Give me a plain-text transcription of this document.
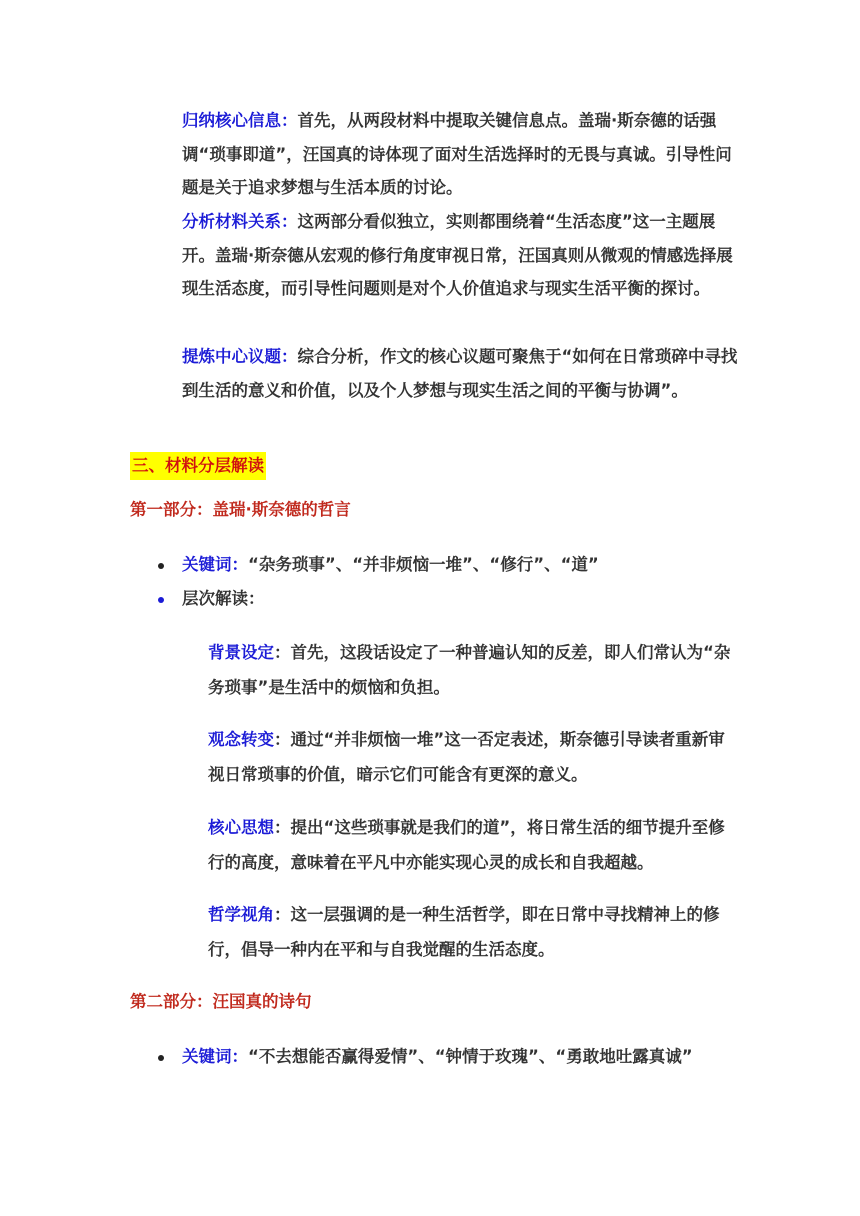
归纳核心信息：首先，从两段材料中提取关键信息点。盖瑞·斯奈德的话强调“琐事即道”，汪国真的诗体现了面对生活选择时的无畏与真诚。引导性问题是关于追求梦想与生活本质的讨论。
分析材料关系：这两部分看似独立，实则都围绕着“生活态度”这一主题展开。盖瑞·斯奈德从宏观的修行角度审视日常，汪国真则从微观的情感选择展现生活态度，而引导性问题则是对个人价值追求与现实生活平衡的探讨。
提炼中心议题：综合分析，作文的核心议题可聚焦于“如何在日常琐碎中寻找到生活的意义和价值，以及个人梦想与现实生活之间的平衡与协调”。
三、材料分层解读
第一部分：盖瑞·斯奈德的哲言
关键词：“杂务琐事”、“并非烦恼一堆”、“修行”、“道”
层次解读：
背景设定：首先，这段话设定了一种普遍认知的反差，即人们常认为“杂务琐事”是生活中的烦恼和负担。
观念转变：通过“并非烦恼一堆”这一否定表述，斯奈德引导读者重新审视日常琐事的价值，暗示它们可能含有更深的意义。
核心思想：提出“这些琐事就是我们的道”，将日常生活的细节提升至修行的高度，意味着在平凡中亦能实现心灵的成长和自我超越。
哲学视角：这一层强调的是一种生活哲学，即在日常中寻找精神上的修行，倡导一种内在平和与自我觉醒的生活态度。
第二部分：汪国真的诗句
关键词：“不去想能否赢得爱情”、“钟情于玫瑰”、“勇敢地吐露真诚”
